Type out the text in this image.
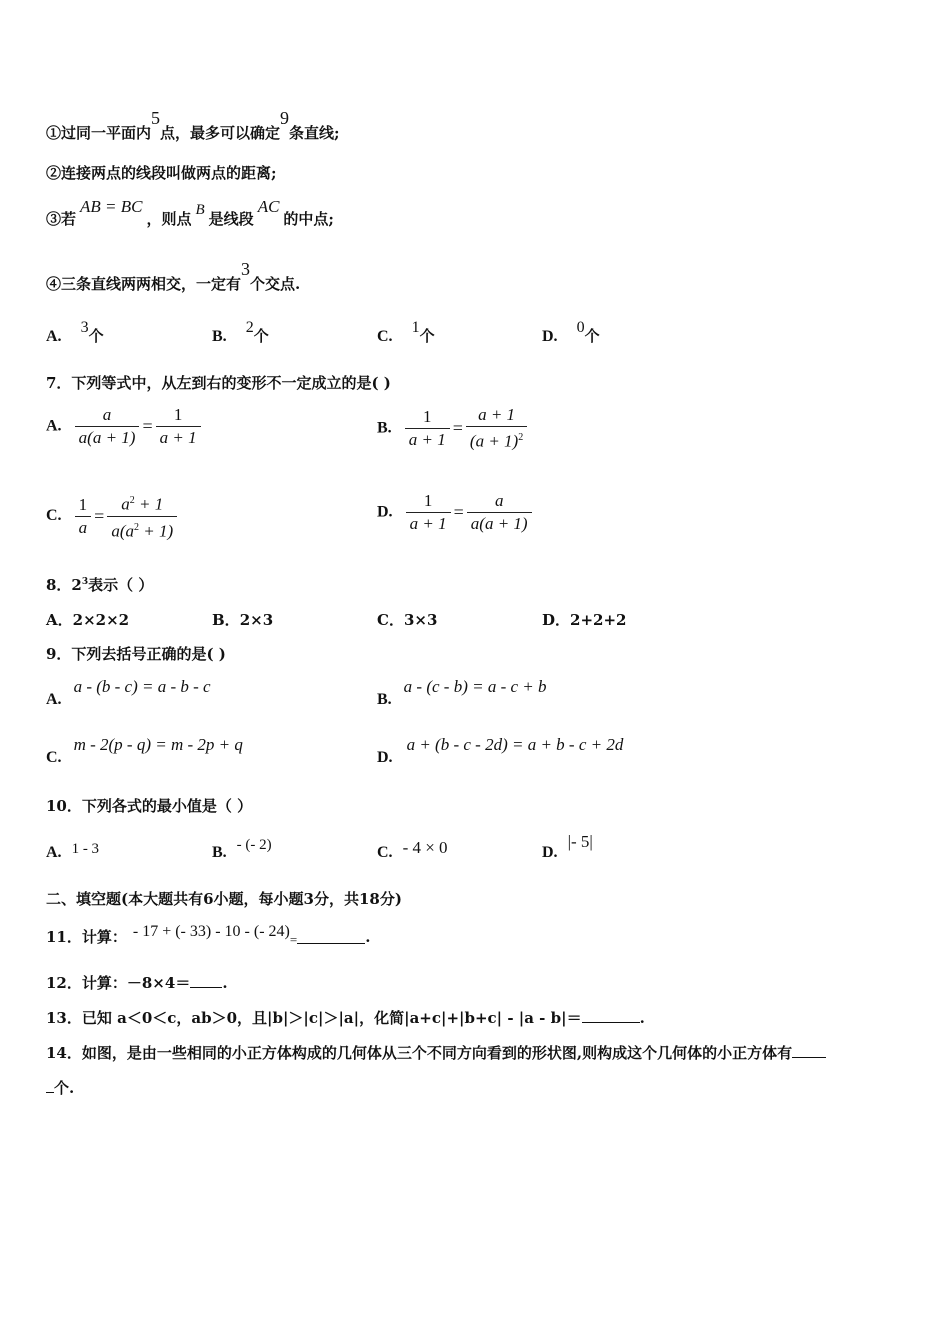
①过同一平面内$^5$点，最多可以确定$^9$条直线;
②连接两点的线段叫做两点的距离;
③若AB = BC，则点 B 是线段AC的中点;
④三条直线两两相交，一定有$^3$个交点.
A. 3个	B. 2个	C. 1个	D. 0个
7．下列等式中，从左到右的变形不一定成立的是( )
A. $\frac{a}{a(a + 1)} = \frac{1}{a + 1}$	B. $\frac{1}{a + 1} = \frac{a + 1}{(a + 1)^2}$
C. $\frac{1}{a} = \frac{a^2 + 1}{a(a^2 + 1)}$	D. $\frac{1}{a + 1} = \frac{a}{a(a + 1)}$
8．$2^3$表示（ ）
A．2×2×2	B．2×3	C．3×3	D．2+2+2
9．下列去括号正确的是( )
A.a - (b - c) = a - b - c
B.a - (c - b) = a - c + b
C.m - 2(p - q) = m - 2p + q
D.a + (b - c - 2d) = a + b - c + 2d
10．下列各式的最小值是（ ）
A. 1 - 3	B. - (- 2)	C. - 4 × 0	D.|- 5|
二、填空题(本大题共有6小题，每小题3分，共18分)
11．计算： - 17 + (- 33) - 10 - (- $24)_=$	.
12．计算：－8×4＝ .
13．已知 a＜0＜c，ab＞0，且|b|＞|c|＞|a|，化简|a+c|+|b+c| - |a - b|＝	.
14．如图，是由一些相同的小正方体构成的几何体从三个不同方向看到的形状图,则构成这个几何体的小正方体有
个.
